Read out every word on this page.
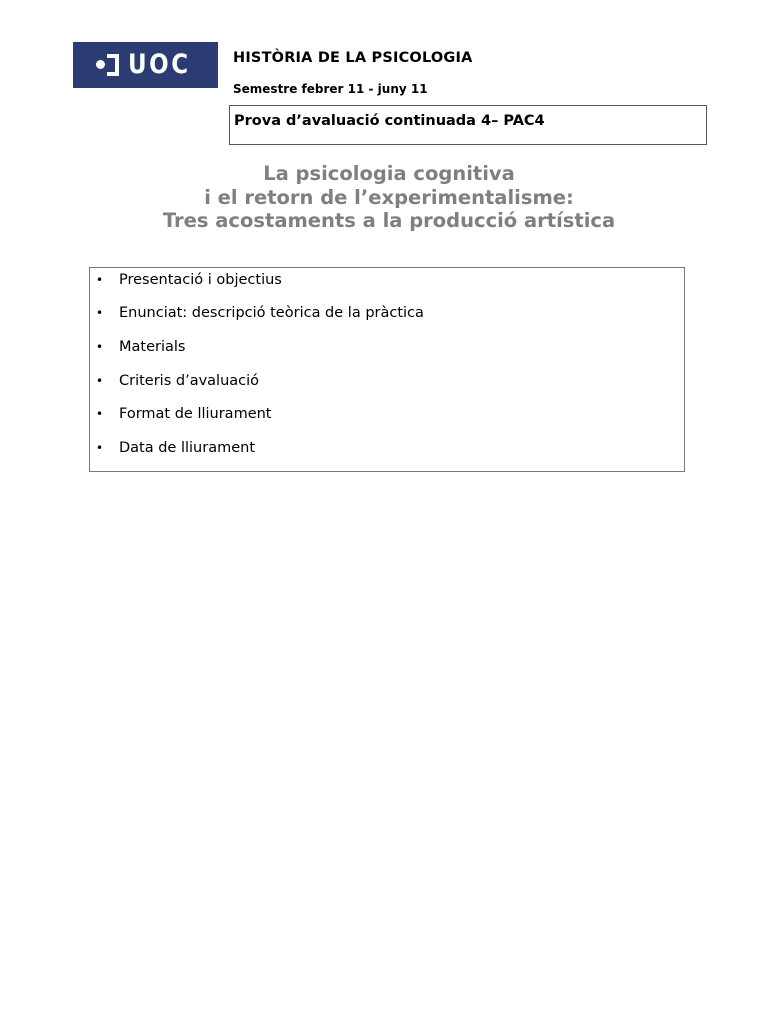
UOC	HISTÒRIA DE LA PSICOLOGIA
Semestre febrer 11 - juny 11
Prova d’avaluació continuada 4– PAC4
La psicologia cognitiva
i el retorn de l’experimentalisme:
Tres acostaments a la producció artística
• Presentació i objectius
• Enunciat: descripció teòrica de la pràctica
• Materials
• Criteris d’avaluació
• Format de lliurament
• Data de lliurament
